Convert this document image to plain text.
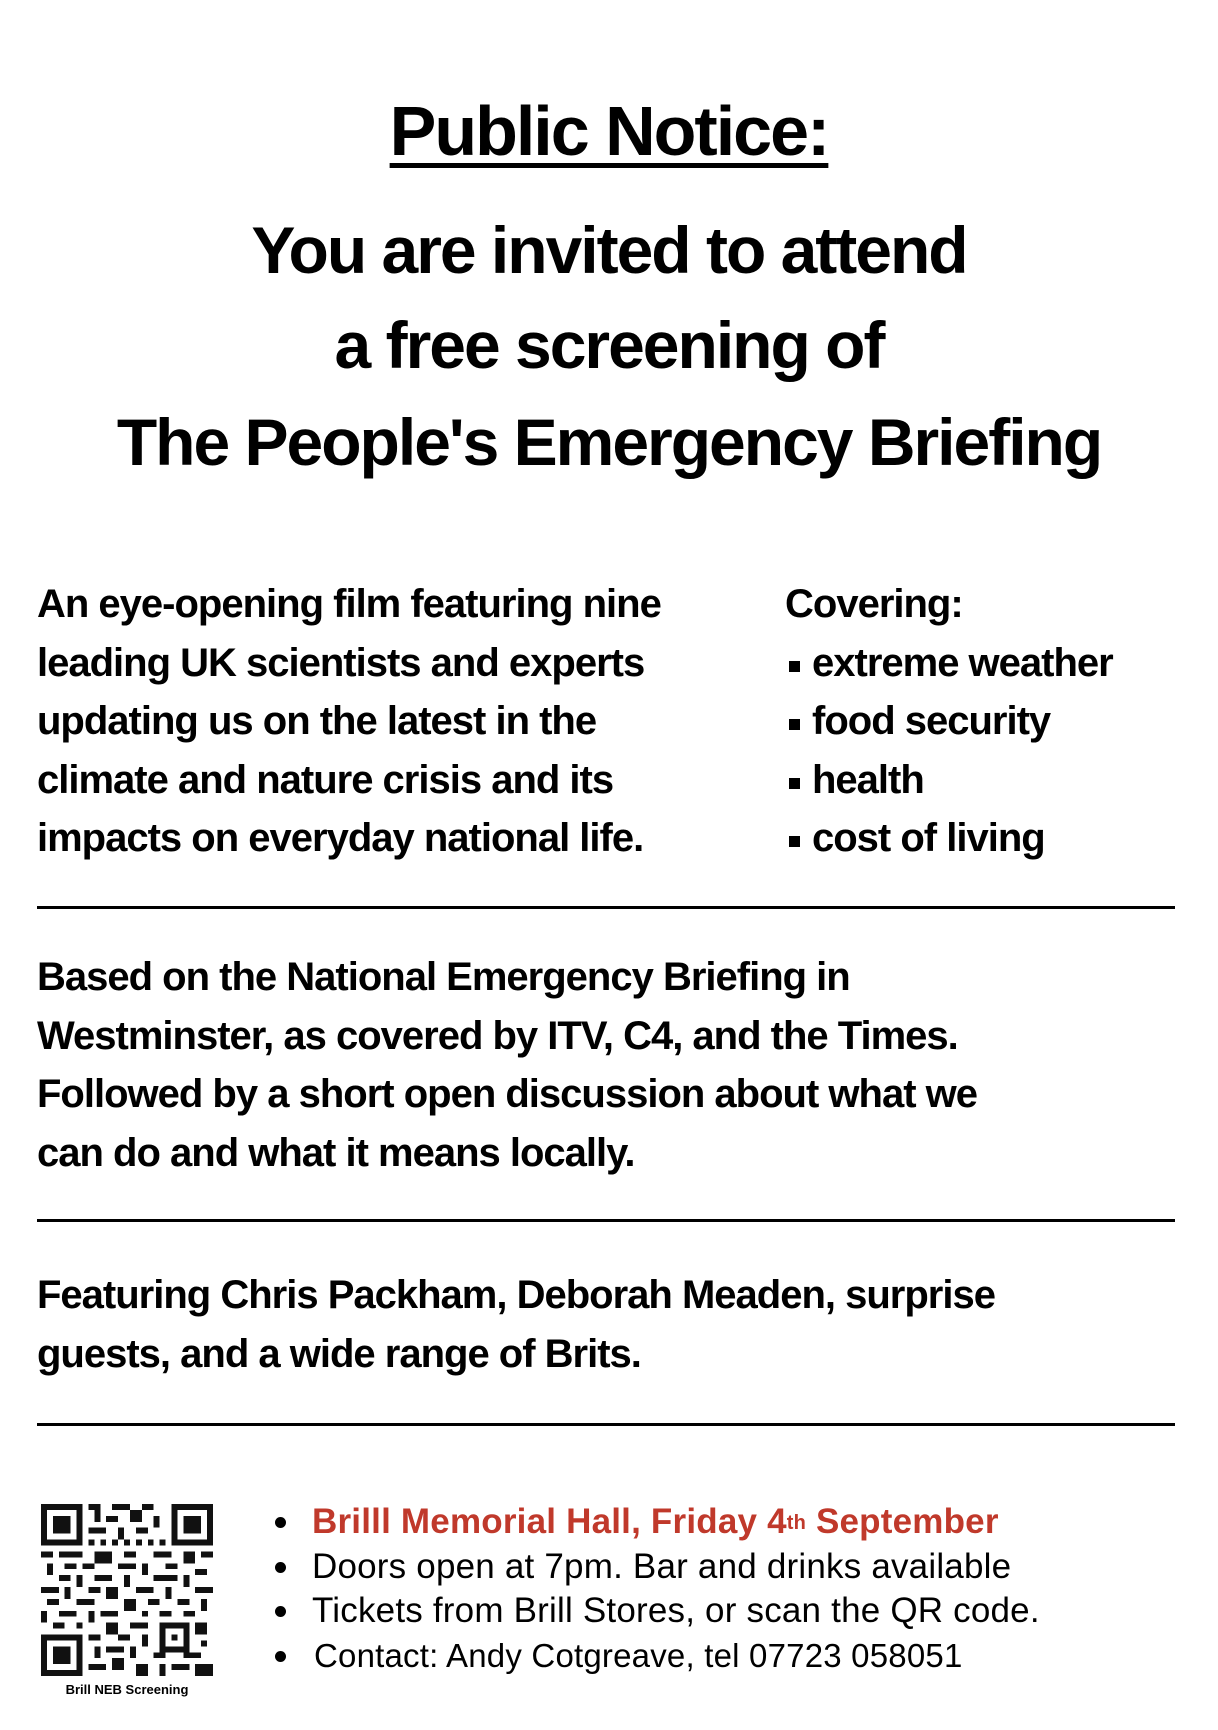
Public Notice:
You are invited to attend
a free screening of
The People's Emergency Briefing
An eye-opening film featuring nine
leading UK scientists and experts
updating us on the latest in the
climate and nature crisis and its
impacts on everyday national life.
Covering:
extreme weather
food security
health
cost of living
Based on the National Emergency Briefing in
Westminster, as covered by ITV, C4, and the Times.
Followed by a short open discussion about what we
can do and what it means locally.
Featuring Chris Packham, Deborah Meaden, surprise
guests, and a wide range of Brits.
Brill NEB Screening
Brilll Memorial Hall, Friday 4th September
Doors open at 7pm. Bar and drinks available
Tickets from Brill Stores, or scan the QR code.
Contact: Andy Cotgreave, tel 07723 058051
